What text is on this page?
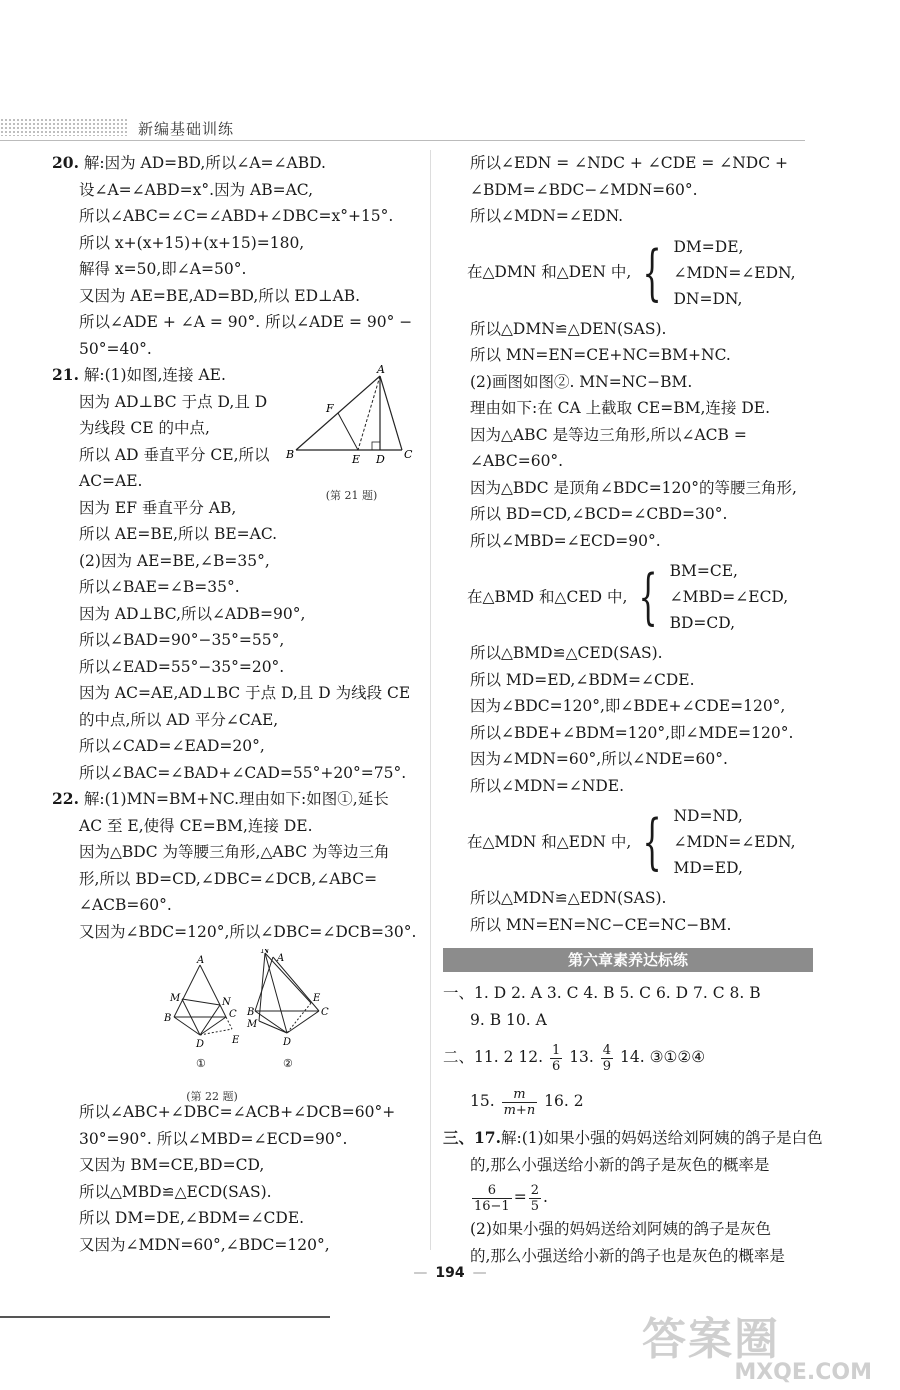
新编基础训练
20. 解:因为 AD=BD,所以∠A=∠ABD.
设∠A=∠ABD=x°.因为 AB=AC,
所以∠ABC=∠C=∠ABD+∠DBC=x°+15°.
所以 x+(x+15)+(x+15)=180,
解得 x=50,即∠A=50°.
又因为 AE=BE,AD=BD,所以 ED⊥AB.
所以∠ADE + ∠A = 90°. 所以∠ADE = 90° −
50°=40°.
21. 解:(1)如图,连接 AE.
因为 AD⊥BC 于点 D,且 D
为线段 CE 的中点,
所以 AD 垂直平分 CE,所以
AC=AE.
因为 EF 垂直平分 AB,
A
F
B	E D C
(第 21 题)
所以 AE=BE,所以 BE=AC.
(2)因为 AE=BE,∠B=35°,
所以∠BAE=∠B=35°.
因为 AD⊥BC,所以∠ADB=90°,
所以∠BAD=90°−35°=55°,
所以∠EAD=55°−35°=20°.
因为 AC=AE,AD⊥BC 于点 D,且 D 为线段 CE
的中点,所以 AD 平分∠CAE,
所以∠CAD=∠EAD=20°,
所以∠BAC=∠BAD+∠CAD=55°+20°=75°.
22. 解:(1)MN=BM+NC.理由如下:如图①,延长
AC 至 E,使得 CE=BM,连接 DE.
因为△BDC 为等腰三角形,△ABC 为等边三角
形,所以 BD=CD,∠DBC=∠DCB,∠ABC=
∠ACB=60°.
又因为∠BDC=120°,所以∠DBC=∠DCB=30°.
A
M	N
B	C
D	E
①
N
A
E
B
M
C
D
②
(第 22 题)
所以∠ABC+∠DBC=∠ACB+∠DCB=60°+
30°=90°. 所以∠MBD=∠ECD=90°.
又因为 BM=CE,BD=CD,
所以△MBD≌△ECD(SAS).
所以 DM=DE,∠BDM=∠CDE.
又因为∠MDN=60°,∠BDC=120°,
所以∠EDN = ∠NDC + ∠CDE = ∠NDC +
∠BDM=∠BDC−∠MDN=60°.
所以∠MDN=∠EDN.
在△DMN 和△DEN 中, { DM=DE,
∠MDN=∠EDN,
DN=DN,
所以△DMN≌△DEN(SAS).
所以 MN=EN=CE+NC=BM+NC.
(2)画图如图②. MN=NC−BM.
理由如下:在 CA 上截取 CE=BM,连接 DE.
因为△ABC 是等边三角形,所以∠ACB =
∠ABC=60°.
因为△BDC 是顶角∠BDC=120°的等腰三角形,
所以 BD=CD,∠BCD=∠CBD=30°.
所以∠MBD=∠ECD=90°.
在△BMD 和△CED 中, { BM=CE,
∠MBD=∠ECD,
BD=CD,
所以△BMD≌△CED(SAS).
所以 MD=ED,∠BDM=∠CDE.
因为∠BDC=120°,即∠BDE+∠CDE=120°,
所以∠BDE+∠BDM=120°,即∠MDE=120°.
因为∠MDN=60°,所以∠NDE=60°.
所以∠MDN=∠NDE.
在△MDN 和△EDN 中, { ND=ND,
∠MDN=∠EDN,
MD=ED,
所以△MDN≌△EDN(SAS).
所以 MN=EN=NC−CE=NC−BM.
第六章素养达标练
一、1. D 2. A 3. C 4. B 5. C 6. D 7. C 8. B
9. B 10. A
二、11. 2 12. $\frac{1}{6} 13$. $\frac{4}{9} 14$. ③①②④
15. $\frac{m}{m+n} 16$. 2
三、17.解:(1)如果小强的妈妈送给刘阿姨的鸽子是白色
的,那么小强送给小新的鸽子是灰色的概率是
$\frac{6}{16-1} = \frac{2}{5}$ .
(2)如果小强的妈妈送给刘阿姨的鸽子是灰色
的,那么小强送给小新的鸽子也是灰色的概率是
— 194 —
答案圈
MXQE.COM
